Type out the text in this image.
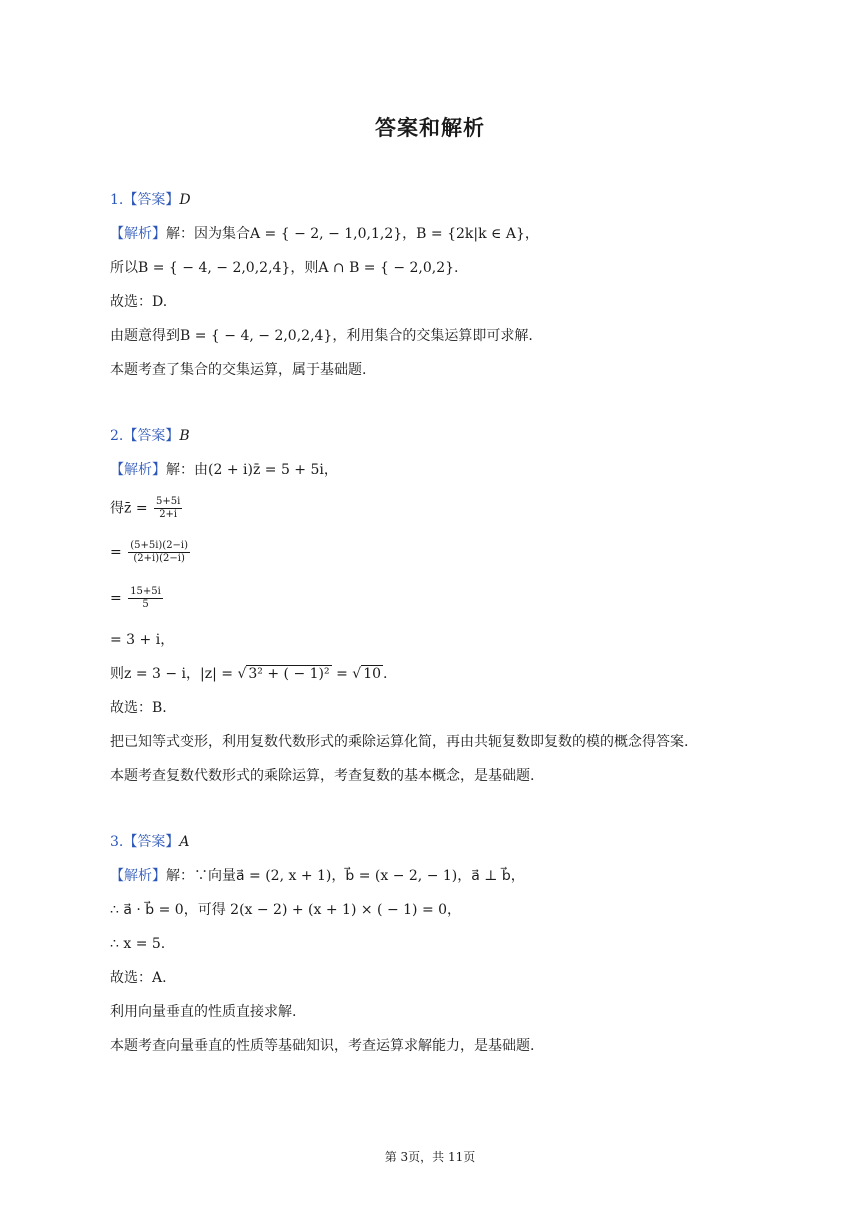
答案和解析
1.【答案】D
【解析】解：因为集合A = { − 2, − 1,0,1,2}，B = {2k|k ∈ A}，
所以B = { − 4, − 2,0,2,4}，则A ∩ B = { − 2,0,2}.
故选：D.
由题意得到B = { − 4, − 2,0,2,4}，利用集合的交集运算即可求解.
本题考查了集合的交集运算，属于基础题.
2.【答案】B
【解析】解：由(2 + i)z̄ = 5 + 5i，
得z̄ = $\frac{5+5i}{2+i}$
= $\frac{(5+5i)(2-i)}{(2+i)(2-i)}$
= $\frac{15+5i}{5}$
= 3 + i，
则z = 3 − i，|z| = √ 3² + ( − 1)² = √ 10 .
故选：B.
把已知等式变形，利用复数代数形式的乘除运算化简，再由共轭复数即复数的模的概念得答案.
本题考查复数代数形式的乘除运算，考查复数的基本概念，是基础题.
3.【答案】A
【解析】解：∵向量a⃗ = (2, x + 1)，b⃗ = (x − 2, − 1)，a⃗ ⊥ b⃗，
∴ a⃗ · b⃗ = 0，可得 2(x − 2) + (x + 1) × ( − 1) = 0，
∴ x = 5.
故选：A.
利用向量垂直的性质直接求解.
本题考查向量垂直的性质等基础知识，考查运算求解能力，是基础题.
第 3页，共 11页
